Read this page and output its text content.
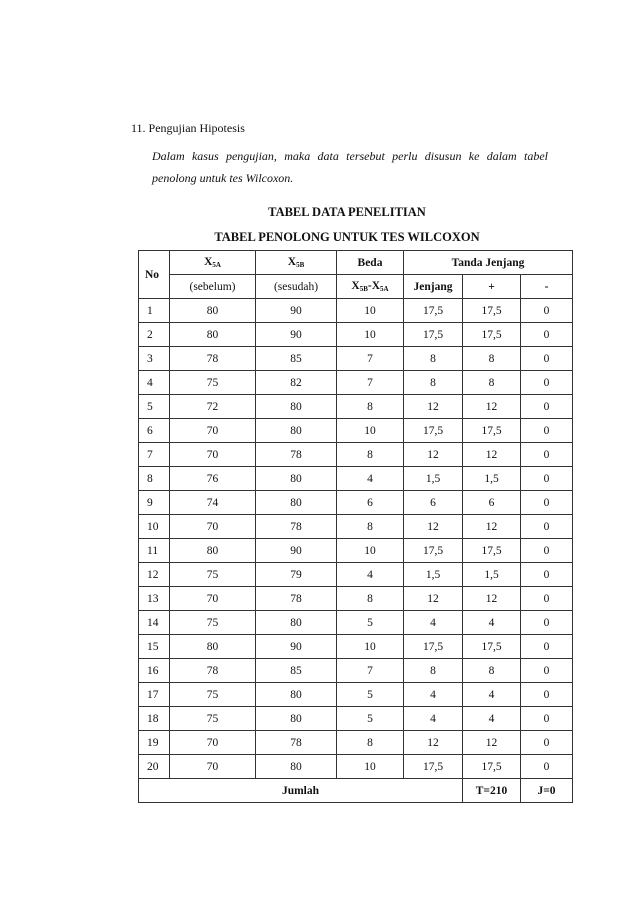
11. Pengujian Hipotesis
Dalam kasus pengujian, maka data tersebut perlu disusun ke dalam tabel
penolong untuk tes Wilcoxon.
TABEL DATA PENELITIAN
TABEL PENOLONG UNTUK TES WILCOXON
No	$X_{5A}$	$X_{5B}$	Beda	Tanda Jenjang		
	(sebelum)	(sesudah)	$X_{5B}-X_{5A}$	Jenjang	+	-
1	80	90	10	17,5	17,5	0
2	80	90	10	17,5	17,5	0
3	78	85	7	8	8	0
4	75	82	7	8	8	0
5	72	80	8	12	12	0
6	70	80	10	17,5	17,5	0
7	70	78	8	12	12	0
8	76	80	4	1,5	1,5	0
9	74	80	6	6	6	0
10	70	78	8	12	12	0
11	80	90	10	17,5	17,5	0
12	75	79	4	1,5	1,5	0
13	70	78	8	12	12	0
14	75	80	5	4	4	0
15	80	90	10	17,5	17,5	0
16	78	85	7	8	8	0
17	75	80	5	4	4	0
18	75	80	5	4	4	0
19	70	78	8	12	12	0
20	70	80	10	17,5	17,5	0
Jumlah					T=210	J=0
